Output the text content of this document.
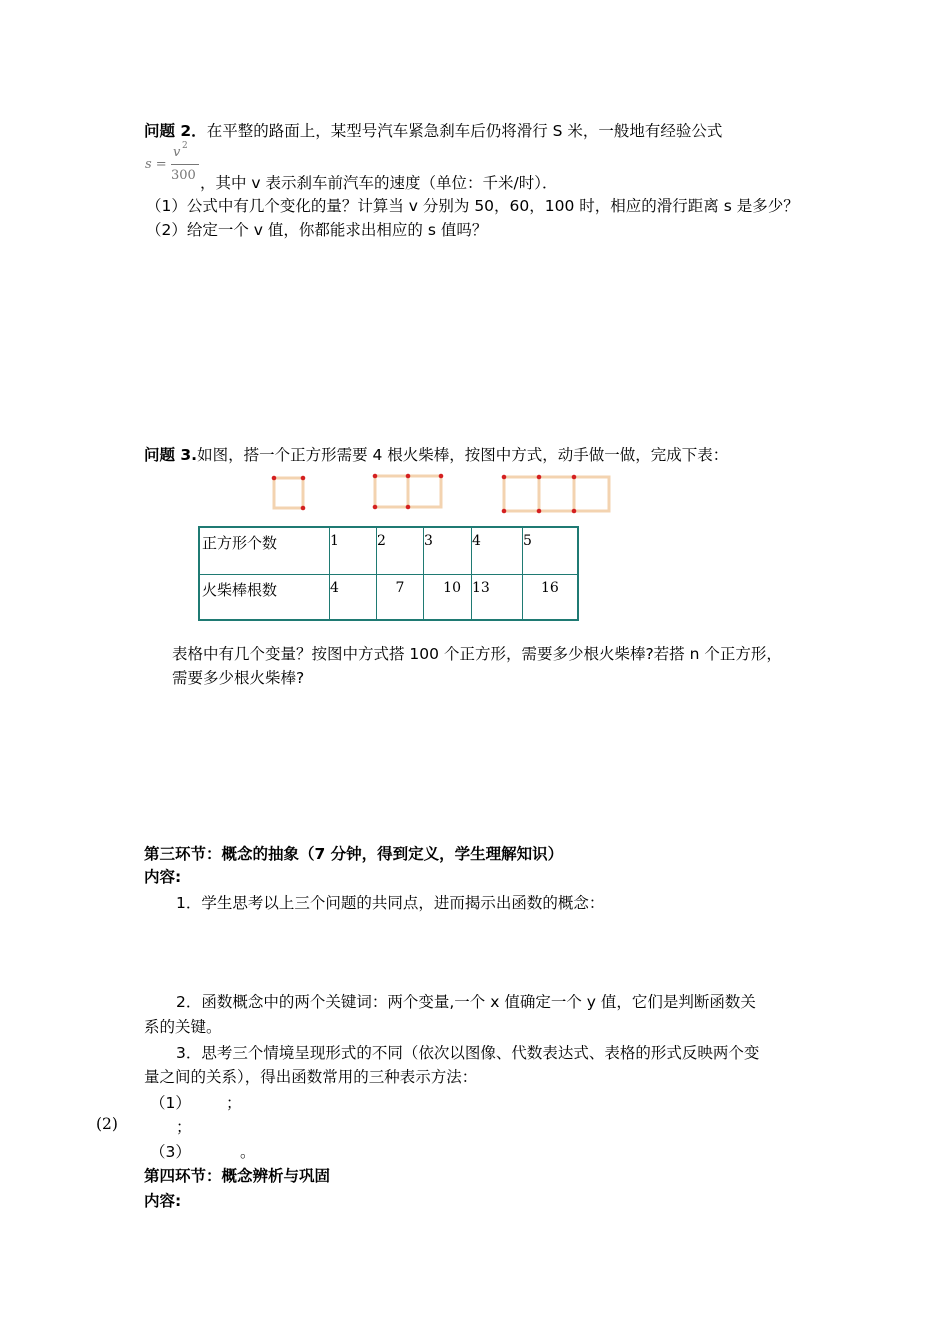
问题 2．在平整的路面上，某型号汽车紧急刹车后仍将滑行 S 米，一般地有经验公式
s =
v 2
300 ，其中 v 表示刹车前汽车的速度（单位：千米/时）．
（1）公式中有几个变化的量？计算当 v 分别为 50，60，100 时，相应的滑行距离 s 是多少？
（2）给定一个 v 值，你都能求出相应的 s 值吗？
问题 3.如图，搭一个正方形需要 4 根火柴棒，按图中方式，动手做一做，完成下表：
正方形个数	1	2	3	4	5
火柴棒根数	4	7	10	13	16
表格中有几个变量？按图中方式搭 100 个正方形，需要多少根火柴棒?若搭 n 个正方形，
需要多少根火柴棒?
第三环节：概念的抽象（7 分钟，得到定义，学生理解知识）
内容:
1．学生思考以上三个问题的共同点，进而揭示出函数的概念：
2．函数概念中的两个关键词：两个变量,一个 x 值确定一个 y 值，它们是判断函数关
系的关键。
3．思考三个情境呈现形式的不同（依次以图像、代数表达式、表格的形式反映两个变
量之间的关系），得出函数常用的三种表示方法：
（1） ；
(2)	；
（3）	。
第四环节：概念辨析与巩固
内容:
